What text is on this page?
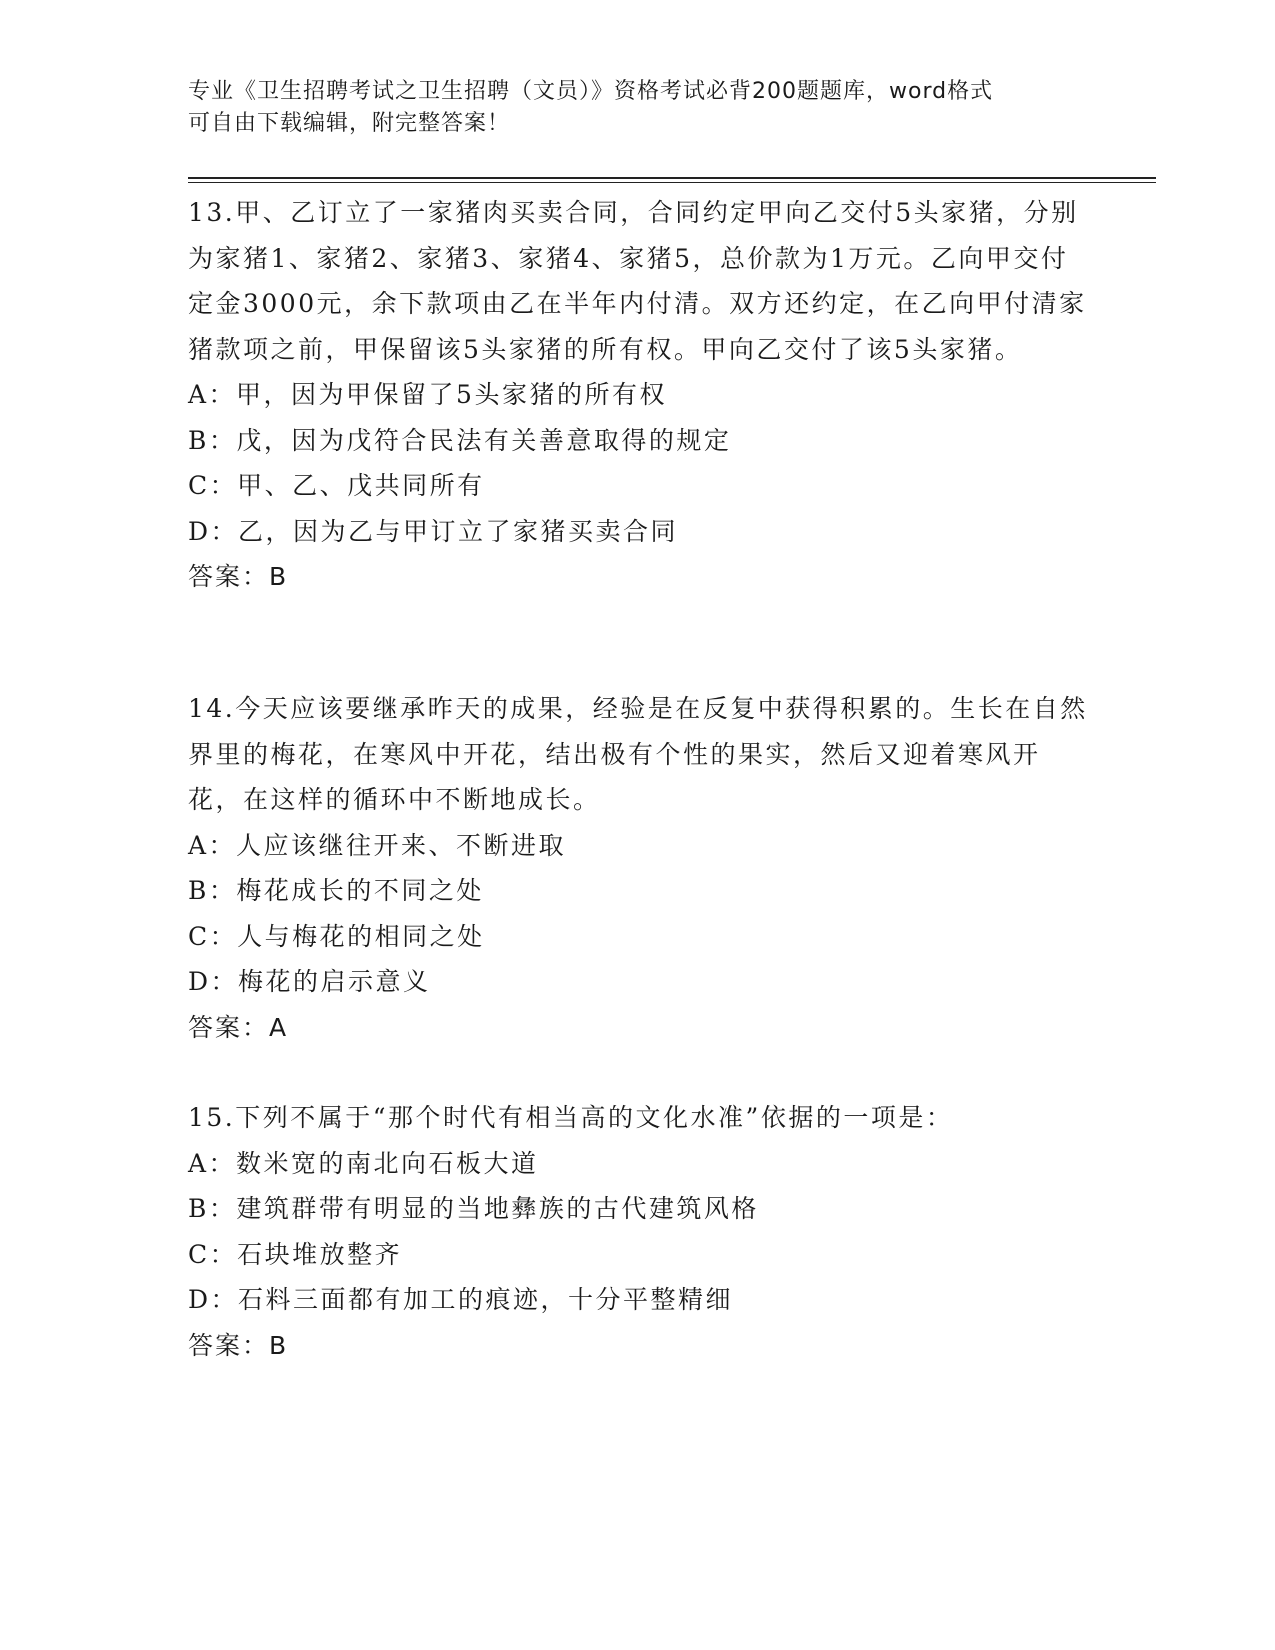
专业《卫生招聘考试之卫生招聘（文员）》资格考试必背200题题库，word格式
可自由下载编辑，附完整答案！
13.甲、乙订立了一家猪肉买卖合同，合同约定甲向乙交付5头家猪，分别为家猪1、家猪2、家猪3、家猪4、家猪5，总价款为1万元。乙向甲交付定金3000元，余下款项由乙在半年内付清。双方还约定，在乙向甲付清家猪款项之前，甲保留该5头家猪的所有权。甲向乙交付了该5头家猪。
A：甲，因为甲保留了5头家猪的所有权
B：戊，因为戊符合民法有关善意取得的规定
C：甲、乙、戊共同所有
D：乙，因为乙与甲订立了家猪买卖合同
答案：B
14.今天应该要继承昨天的成果，经验是在反复中获得积累的。生长在自然界里的梅花，在寒风中开花，结出极有个性的果实，然后又迎着寒风开花，在这样的循环中不断地成长。
A：人应该继往开来、不断进取
B：梅花成长的不同之处
C：人与梅花的相同之处
D：梅花的启示意义
答案：A
15.下列不属于“那个时代有相当高的文化水准”依据的一项是：
A：数米宽的南北向石板大道
B：建筑群带有明显的当地彝族的古代建筑风格
C：石块堆放整齐
D：石料三面都有加工的痕迹，十分平整精细
答案：B
